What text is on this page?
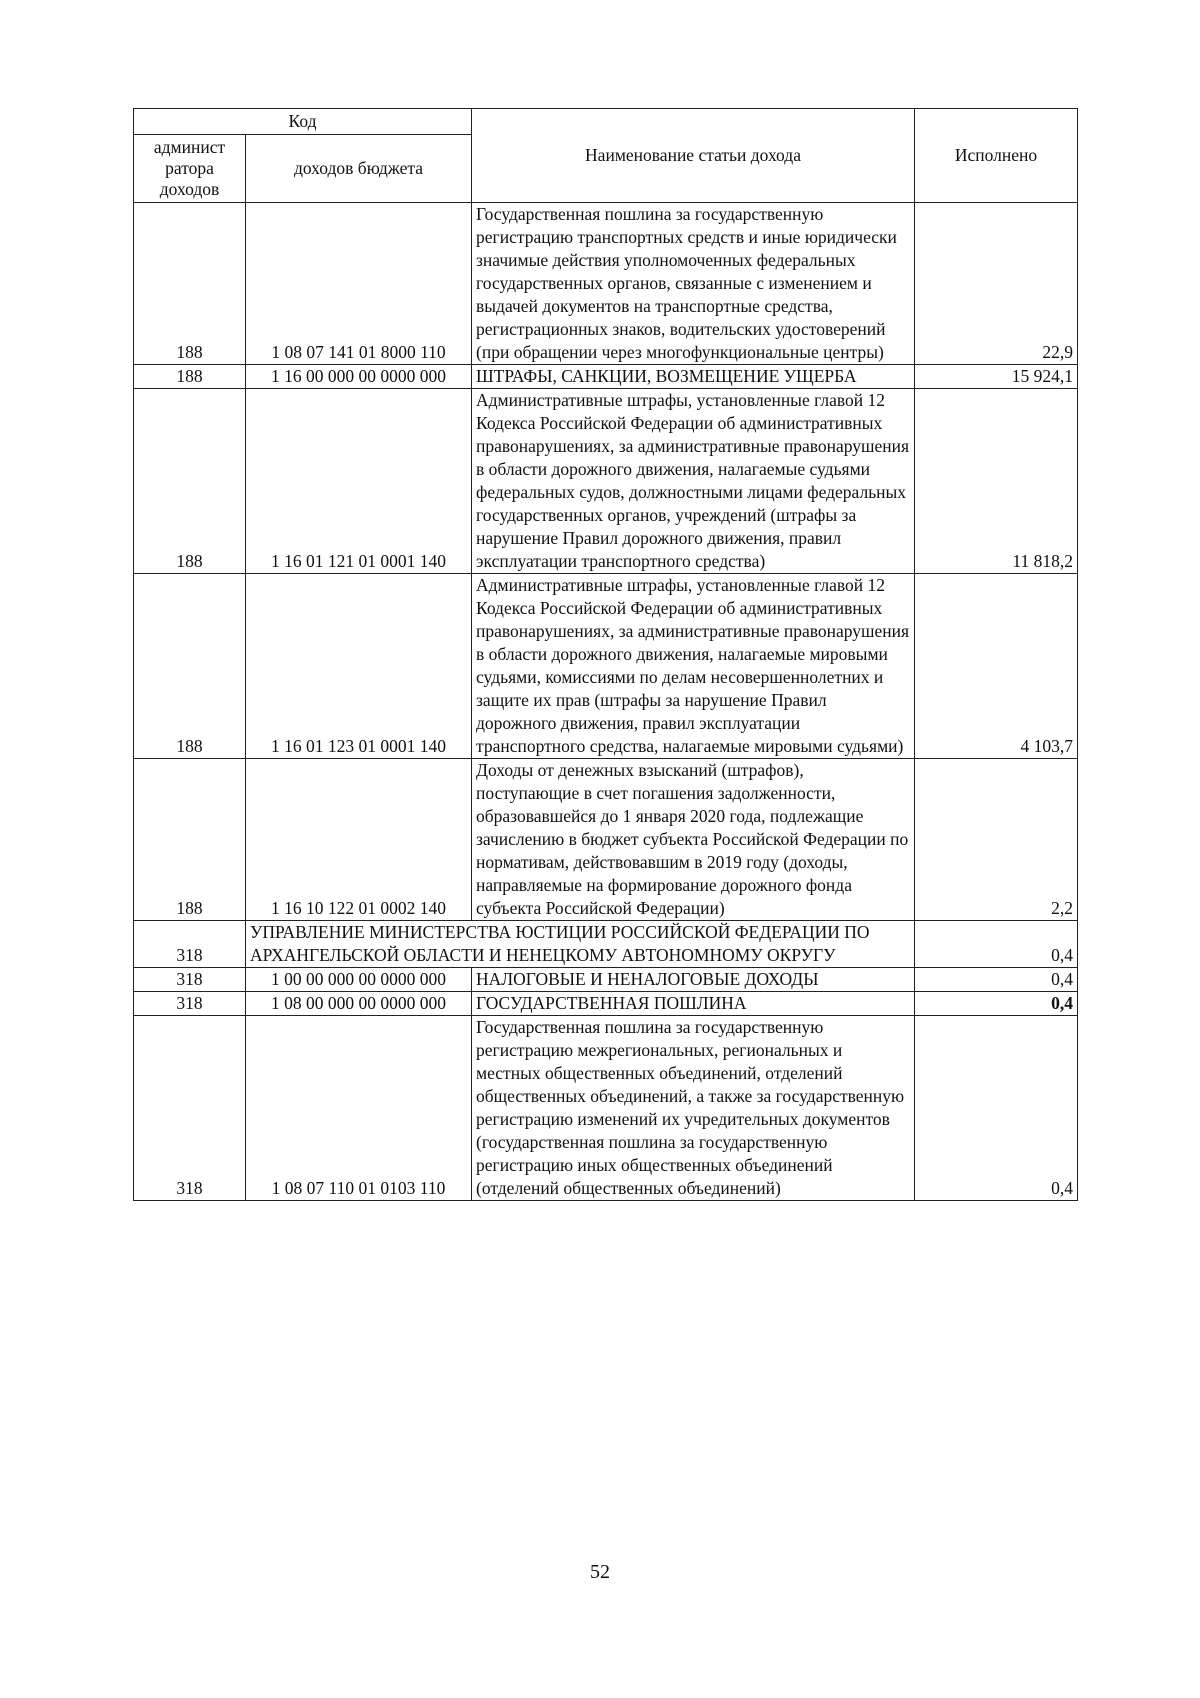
Код		Наименование статьи дохода	Исполнено
админист ратора доходов	доходов бюджета		
188	1 08 07 141 01 8000 110	Государственная пошлина за государственную регистрацию транспортных средств и иные юридически значимые действия уполномоченных федеральных государственных органов, связанные с изменением и выдачей документов на транспортные средства, регистрационных знаков, водительских удостоверений (при обращении через многофункциональные центры)	22,9
188	1 16 00 000 00 0000 000	ШТРАФЫ, САНКЦИИ, ВОЗМЕЩЕНИЕ УЩЕРБА	15 924,1
188	1 16 01 121 01 0001 140	Административные штрафы, установленные главой 12 Кодекса Российской Федерации об административных правонарушениях, за административные правонарушения в области дорожного движения, налагаемые судьями федеральных судов, должностными лицами федеральных государственных органов, учреждений (штрафы за нарушение Правил дорожного движения, правил эксплуатации транспортного средства)	11 818,2
188	1 16 01 123 01 0001 140	Административные штрафы, установленные главой 12 Кодекса Российской Федерации об административных правонарушениях, за административные правонарушения в области дорожного движения, налагаемые мировыми судьями, комиссиями по делам несовершеннолетних и защите их прав (штрафы за нарушение Правил дорожного движения, правил эксплуатации транспортного средства, налагаемые мировыми судьями)	4 103,7
188	1 16 10 122 01 0002 140	Доходы от денежных взысканий (штрафов), поступающие в счет погашения задолженности, образовавшейся до 1 января 2020 года, подлежащие зачислению в бюджет субъекта Российской Федерации по нормативам, действовавшим в 2019 году (доходы, направляемые на формирование дорожного фонда субъекта Российской Федерации)	2,2
318	УПРАВЛЕНИЕ МИНИСТЕРСТВА ЮСТИЦИИ РОССИЙСКОЙ ФЕДЕРАЦИИ ПО АРХАНГЕЛЬСКОЙ ОБЛАСТИ И НЕНЕЦКОМУ АВТОНОМНОМУ ОКРУГУ		0,4
318	1 00 00 000 00 0000 000	НАЛОГОВЫЕ И НЕНАЛОГОВЫЕ ДОХОДЫ	0,4
318	1 08 00 000 00 0000 000	ГОСУДАРСТВЕННАЯ ПОШЛИНА	0,4
318	1 08 07 110 01 0103 110	Государственная пошлина за государственную регистрацию межрегиональных, региональных и местных общественных объединений, отделений общественных объединений, а также за государственную регистрацию изменений их учредительных документов (государственная пошлина за государственную регистрацию иных общественных объединений (отделений общественных объединений)	0,4
52
